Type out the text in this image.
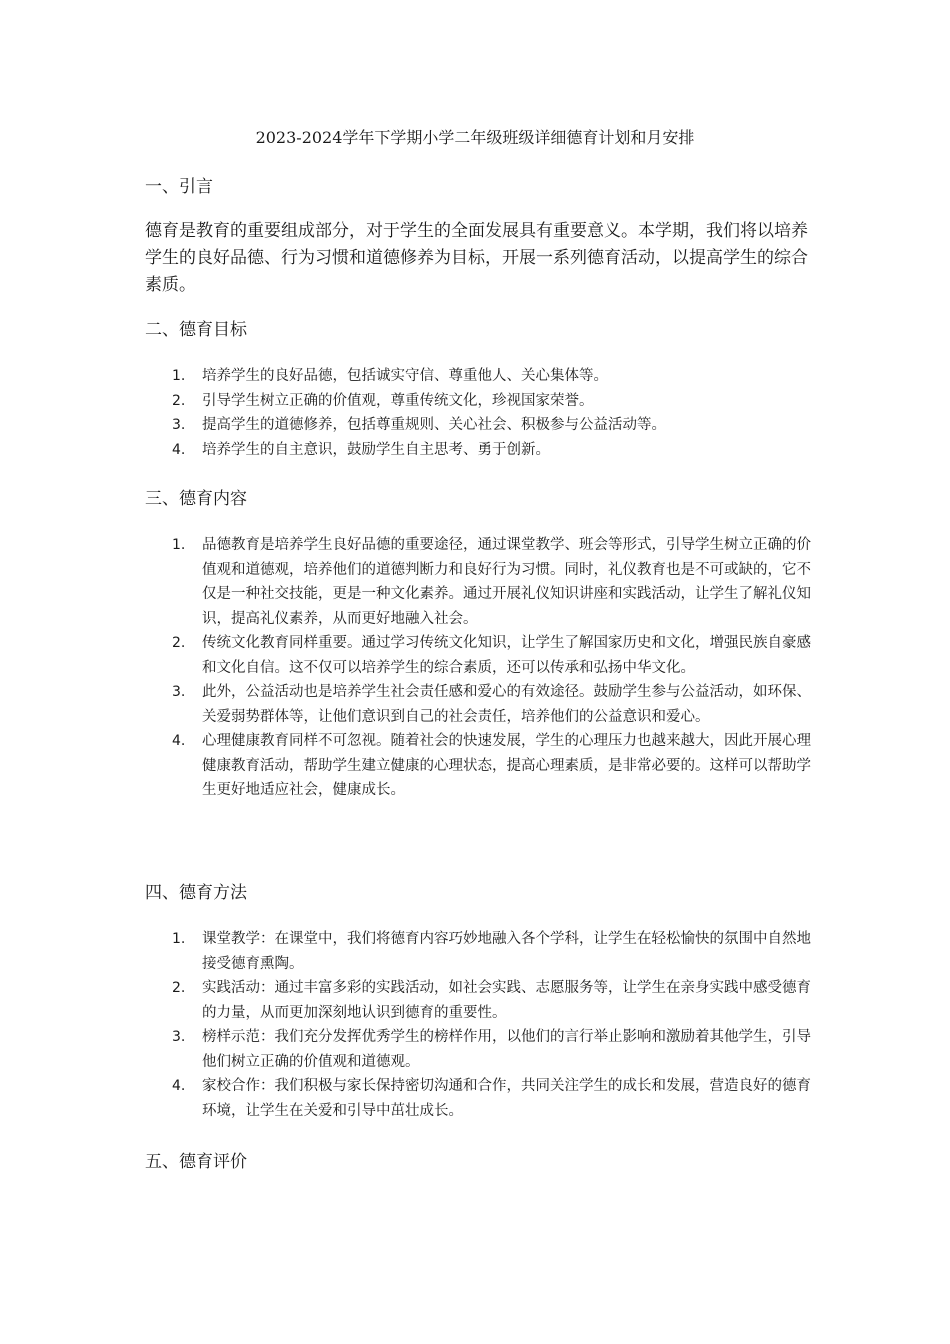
2023-2024学年下学期小学二年级班级详细德育计划和月安排
一、引言

德育是教育的重要组成部分，对于学生的全面发展具有重要意义。本学期，我们将以培养学生的良好品德、行为习惯和道德修养为目标，开展一系列德育活动，以提高学生的综合素质。

二、德育目标
1. 培养学生的良好品德，包括诚实守信、尊重他人、关心集体等。
2. 引导学生树立正确的价值观，尊重传统文化，珍视国家荣誉。
3. 提高学生的道德修养，包括尊重规则、关心社会、积极参与公益活动等。
4. 培养学生的自主意识，鼓励学生自主思考、勇于创新。
三、德育内容
1. 品德教育是培养学生良好品德的重要途径，通过课堂教学、班会等形式，引导学生树立正确的价值观和道德观，培养他们的道德判断力和良好行为习惯。同时，礼仪教育也是不可或缺的，它不仅是一种社交技能，更是一种文化素养。通过开展礼仪知识讲座和实践活动，让学生了解礼仪知识，提高礼仪素养，从而更好地融入社会。
2. 传统文化教育同样重要。通过学习传统文化知识，让学生了解国家历史和文化，增强民族自豪感和文化自信。这不仅可以培养学生的综合素质，还可以传承和弘扬中华文化。
3. 此外，公益活动也是培养学生社会责任感和爱心的有效途径。鼓励学生参与公益活动，如环保、关爱弱势群体等，让他们意识到自己的社会责任，培养他们的公益意识和爱心。
4. 心理健康教育同样不可忽视。随着社会的快速发展，学生的心理压力也越来越大，因此开展心理健康教育活动，帮助学生建立健康的心理状态，提高心理素质，是非常必要的。这样可以帮助学生更好地适应社会，健康成长。
四、德育方法
1. 课堂教学：在课堂中，我们将德育内容巧妙地融入各个学科，让学生在轻松愉快的氛围中自然地接受德育熏陶。
2. 实践活动：通过丰富多彩的实践活动，如社会实践、志愿服务等，让学生在亲身实践中感受德育的力量，从而更加深刻地认识到德育的重要性。
3. 榜样示范：我们充分发挥优秀学生的榜样作用，以他们的言行举止影响和激励着其他学生，引导他们树立正确的价值观和道德观。
4. 家校合作：我们积极与家长保持密切沟通和合作，共同关注学生的成长和发展，营造良好的德育环境，让学生在关爱和引导中茁壮成长。
五、德育评价
